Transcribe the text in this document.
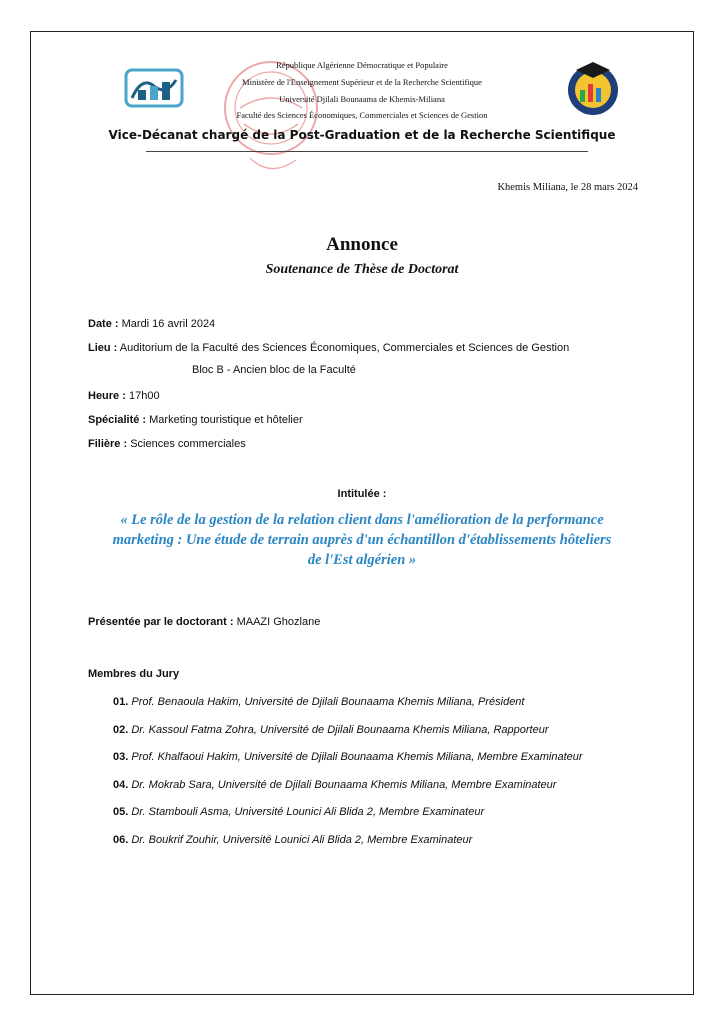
République Algérienne Démocratique et Populaire
Ministère de l'Enseignement Supérieur et de la Recherche Scientifique
Université Djilali Bounaama de Khemis-Miliana
Faculté des Sciences Économiques, Commerciales et Sciences de Gestion
Vice-Décanat chargé de la Post-Graduation et de la Recherche Scientifique
Khemis Miliana, le 28 mars 2024
Annonce
Soutenance de Thèse de Doctorat
Date : Mardi 16 avril 2024
Lieu : Auditorium de la Faculté des Sciences Économiques, Commerciales et Sciences de Gestion
Bloc B - Ancien bloc de la Faculté
Heure : 17h00
Spécialité : Marketing touristique et hôtelier
Filière : Sciences commerciales
Intitulée :
« Le rôle de la gestion de la relation client dans l'amélioration de la performance
marketing : Une étude de terrain auprès d'un échantillon d'établissements hôteliers
de l'Est algérien »
Présentée par le doctorant : MAAZI Ghozlane
Membres du Jury
01. Prof. Benaoula Hakim, Université de Djilali Bounaama Khemis Miliana, Président
02. Dr. Kassoul Fatma Zohra, Université de Djilali Bounaama Khemis Miliana, Rapporteur
03. Prof. Khalfaoui Hakim, Université de Djilali Bounaama Khemis Miliana, Membre Examinateur
04. Dr. Mokrab Sara, Université de Djilali Bounaama Khemis Miliana, Membre Examinateur
05. Dr. Stambouli Asma, Université Lounici Ali Blida 2, Membre Examinateur
06. Dr. Boukrif Zouhir, Université Lounici Ali Blida 2, Membre Examinateur
